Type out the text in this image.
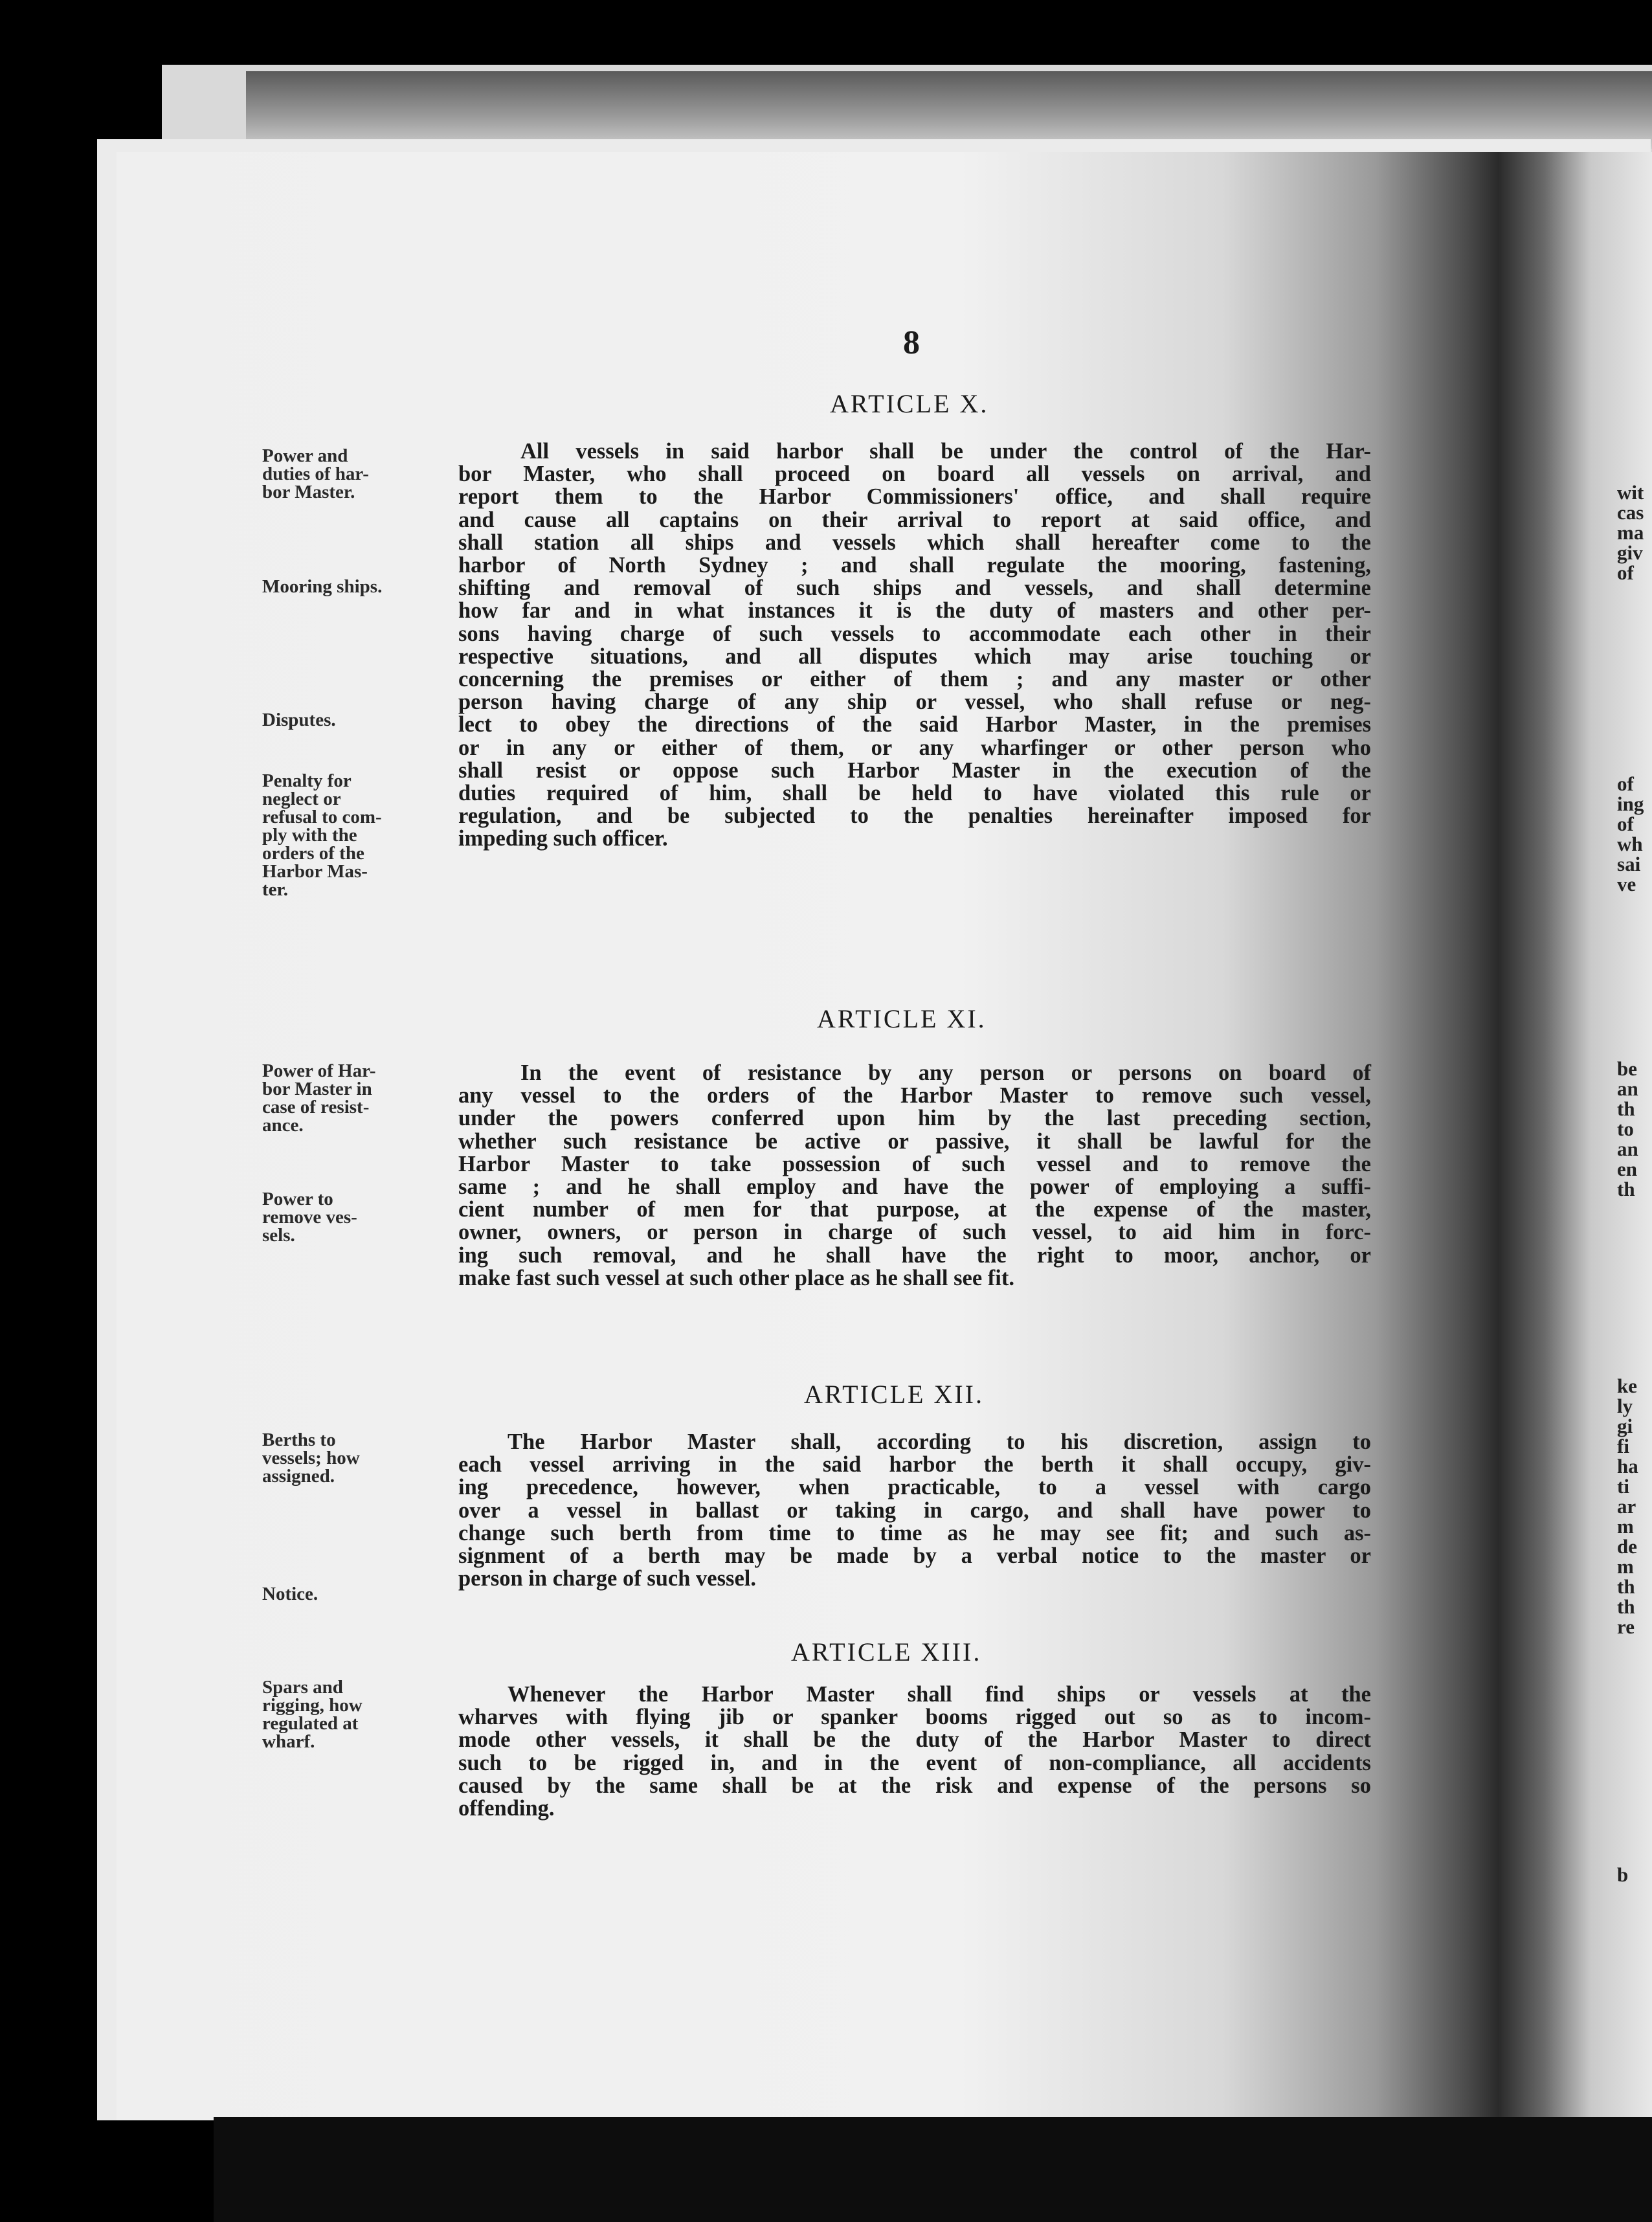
8
ARTICLE X.
Power and
duties of har-
bor Master.
Mooring ships.
Disputes.
Penalty for
neglect or
refusal to com-
ply with the
orders of the
Harbor Mas-
ter.
All vessels in said harbor shall be under the control of the Har-
bor Master, who shall proceed on board all vessels on arrival, and
report them to the Harbor Commissioners' office, and shall require
and cause all captains on their arrival to report at said office, and
shall station all ships and vessels which shall hereafter come to the
harbor of North Sydney ; and shall regulate the mooring, fastening,
shifting and removal of such ships and vessels, and shall determine
how far and in what instances it is the duty of masters and other per-
sons having charge of such vessels to accommodate each other in their
respective situations, and all disputes which may arise touching or
concerning the premises or either of them ; and any master or other
person having charge of any ship or vessel, who shall refuse or neg-
lect to obey the directions of the said Harbor Master, in the premises
or in any or either of them, or any wharfinger or other person who
shall resist or oppose such Harbor Master in the execution of the
duties required of him, shall be held to have violated this rule or
regulation, and be subjected to the penalties hereinafter imposed for
impeding such officer.
ARTICLE XI.
Power of Har-
bor Master in
case of resist-
ance.
Power to
remove ves-
sels.
In the event of resistance by any person or persons on board of
any vessel to the orders of the Harbor Master to remove such vessel,
under the powers conferred upon him by the last preceding section,
whether such resistance be active or passive, it shall be lawful for the
Harbor Master to take possession of such vessel and to remove the
same ; and he shall employ and have the power of employing a suffi-
cient number of men for that purpose, at the expense of the master,
owner, owners, or person in charge of such vessel, to aid him in forc-
ing such removal, and he shall have the right to moor, anchor, or
make fast such vessel at such other place as he shall see fit.
ARTICLE XII.
Berths to
vessels; how
assigned.
Notice.
The Harbor Master shall, according to his discretion, assign to
each vessel arriving in the said harbor the berth it shall occupy, giv-
ing precedence, however, when practicable, to a vessel with cargo
over a vessel in ballast or taking in cargo, and shall have power to
change such berth from time to time as he may see fit; and such as-
signment of a berth may be made by a verbal notice to the master or
person in charge of such vessel.
ARTICLE XIII.
Spars and
rigging, how
regulated at
wharf.
Whenever the Harbor Master shall find ships or vessels at the
wharves with flying jib or spanker booms rigged out so as to incom-
mode other vessels, it shall be the duty of the Harbor Master to direct
such to be rigged in, and in the event of non-compliance, all accidents
caused by the same shall be at the risk and expense of the persons so
offending.
wit
cas
ma
giv
of
of
ing
of
wh
sai
ve
be
an
th
to
an
en
th
ke
ly
gi
fi
ha
ti
ar
m
de
m
th
th
re
b
